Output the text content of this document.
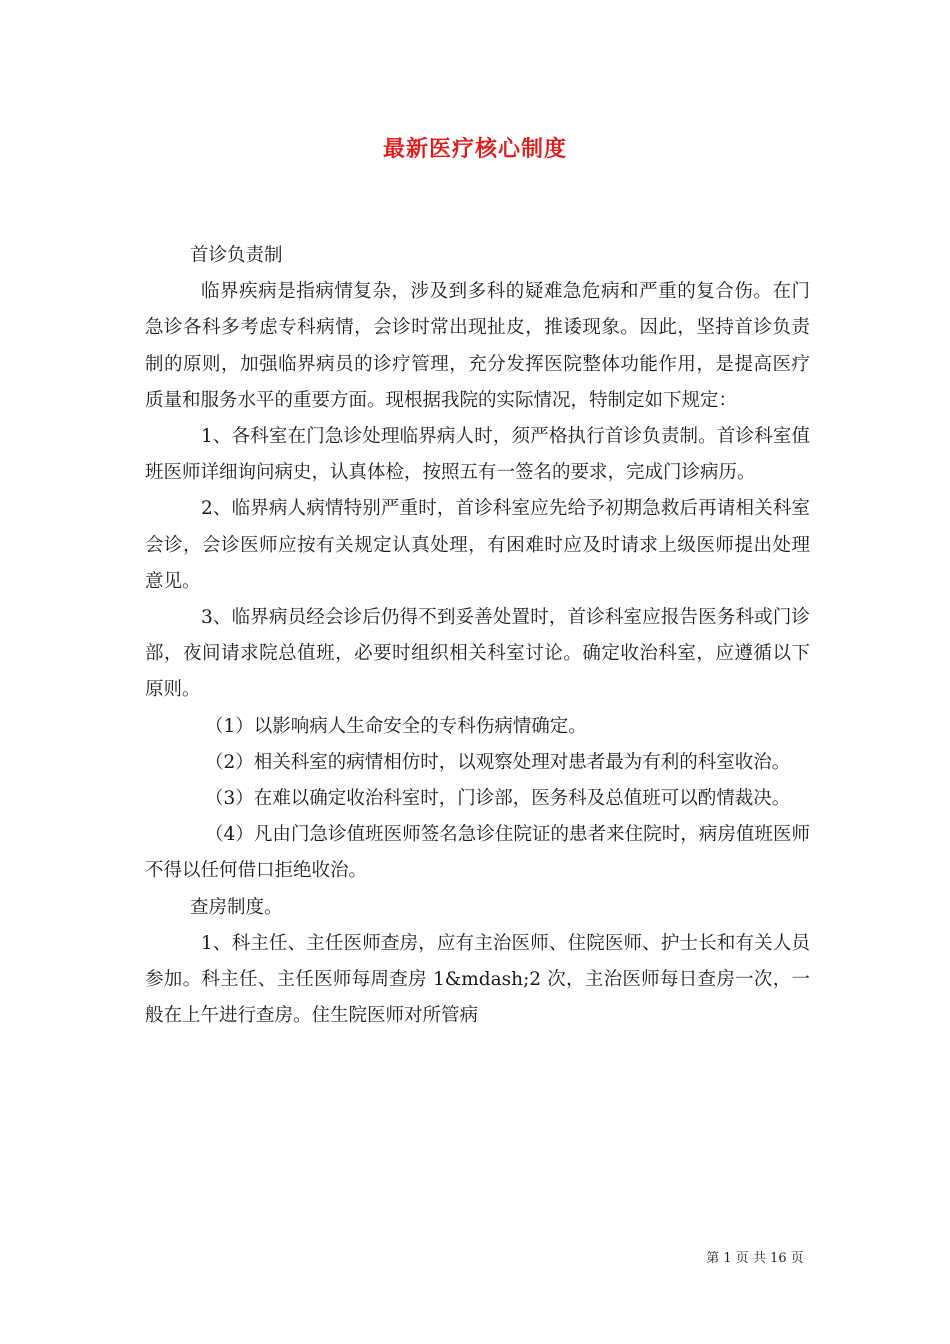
最新医疗核心制度

首诊负责制

临界疾病是指病情复杂，涉及到多科的疑难急危病和严重的复合伤。在门急诊各科多考虑专科病情，会诊时常出现扯皮，推诿现象。因此，坚持首诊负责制的原则，加强临界病员的诊疗管理，充分发挥医院整体功能作用，是提高医疗质量和服务水平的重要方面。现根据我院的实际情况，特制定如下规定：

1、各科室在门急诊处理临界病人时，须严格执行首诊负责制。首诊科室值班医师详细询问病史，认真体检，按照五有一签名的要求，完成门诊病历。

2、临界病人病情特别严重时，首诊科室应先给予初期急救后再请相关科室会诊，会诊医师应按有关规定认真处理，有困难时应及时请求上级医师提出处理意见。

3、临界病员经会诊后仍得不到妥善处置时，首诊科室应报告医务科或门诊部，夜间请求院总值班，必要时组织相关科室讨论。确定收治科室，应遵循以下原则。

（1）以影响病人生命安全的专科伤病情确定。

（2）相关科室的病情相仿时，以观察处理对患者最为有利的科室收治。

（3）在难以确定收治科室时，门诊部，医务科及总值班可以酌情裁决。

（4）凡由门急诊值班医师签名急诊住院证的患者来住院时，病房值班医师不得以任何借口拒绝收治。

查房制度。

1、科主任、主任医师查房，应有主治医师、住院医师、护士长和有关人员参加。科主任、主任医师每周查房 1&mdash;2 次，主治医师每日查房一次，一般在上午进行查房。住生院医师对所管病

第 1 页 共 16 页
